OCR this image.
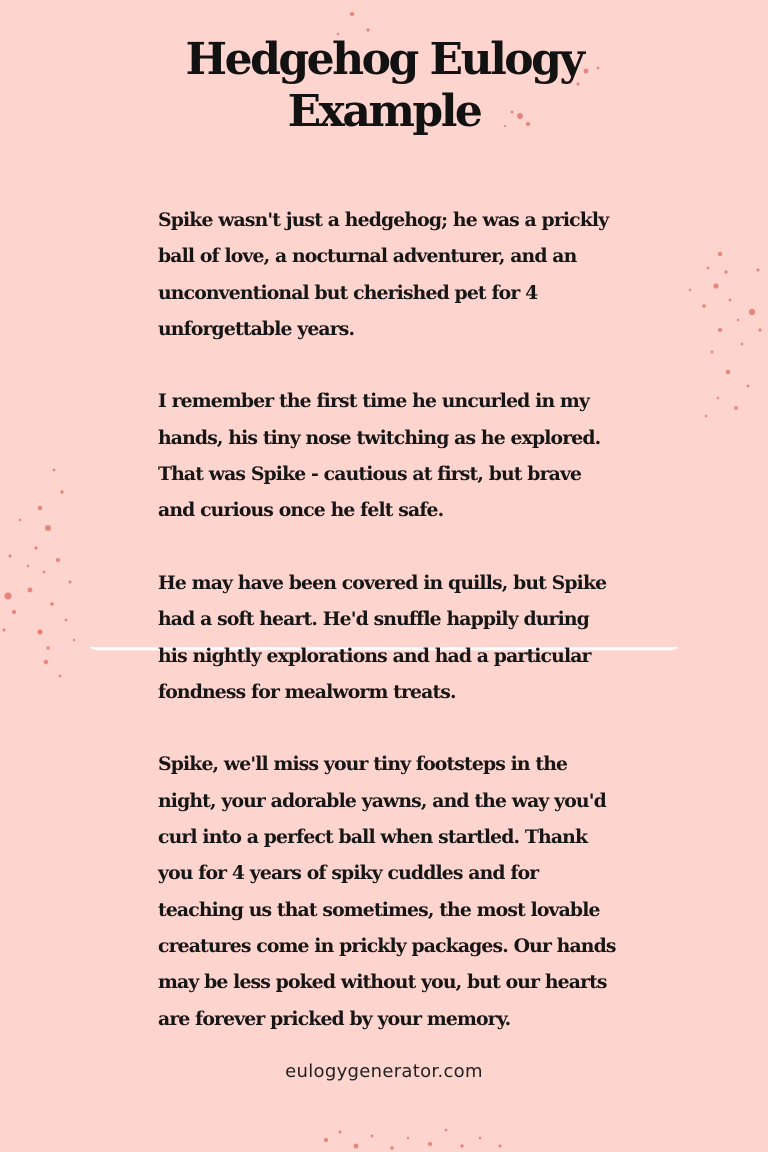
Hedgehog Eulogy
Example

Spike wasn't just a hedgehog; he was a prickly ball of love, a nocturnal adventurer, and an unconventional but cherished pet for 4 unforgettable years.

I remember the first time he uncurled in my hands, his tiny nose twitching as he explored. That was Spike - cautious at first, but brave and curious once he felt safe.

He may have been covered in quills, but Spike had a soft heart. He'd snuffle happily during his nightly explorations and had a particular fondness for mealworm treats.

Spike, we'll miss your tiny footsteps in the night, your adorable yawns, and the way you'd curl into a perfect ball when startled. Thank you for 4 years of spiky cuddles and for teaching us that sometimes, the most lovable creatures come in prickly packages. Our hands may be less poked without you, but our hearts are forever pricked by your memory.

eulogygenerator.com
